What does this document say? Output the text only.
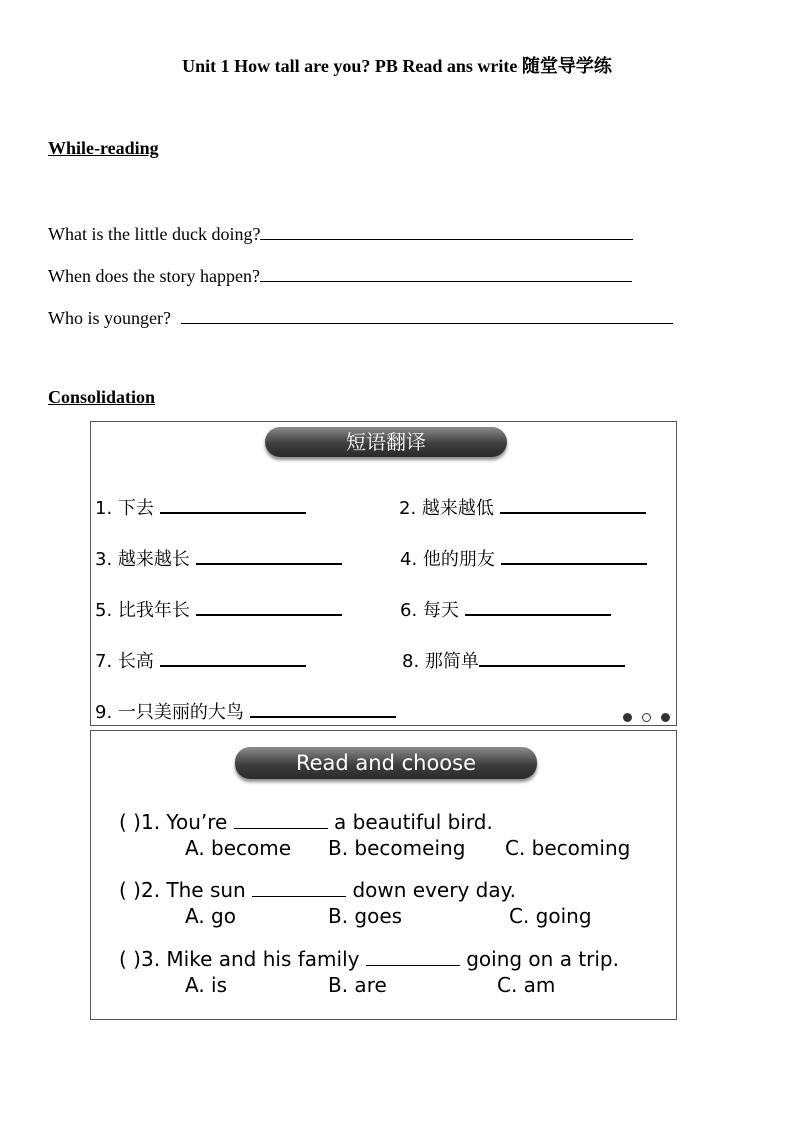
Unit 1 How tall are you? PB Read ans write 随堂导学练
While-reading
What is the little duck doing?
When does the story happen?
Who is younger?
Consolidation
短语翻译
1. 下去	2. 越来越低
3. 越来越长	4. 他的朋友
5. 比我年长	6. 每天
7. 长高	8. 那简单
9. 一只美丽的大鸟
Read and choose
( )1. You’re	a beautiful bird.
A. become B. becomeing C. becoming
( )2. The sun	down every day.
A. go	B. goes	C. going
( )3. Mike and his family	going on a trip.
A. is	B. are	C. am
